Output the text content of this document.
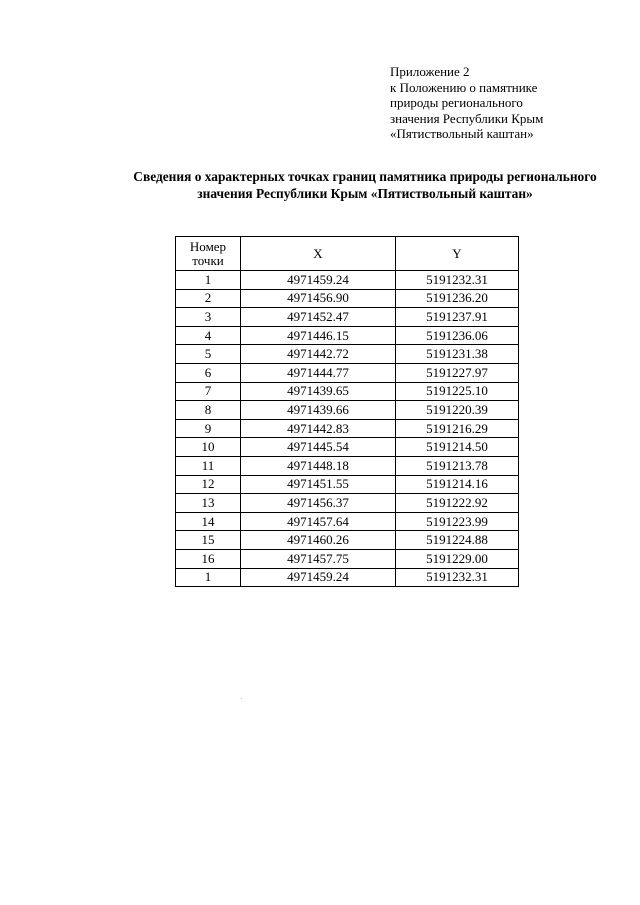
Приложение 2
к Положению о памятнике
природы регионального
значения Республики Крым
«Пятиствольный каштан»
Сведения о характерных точках границ памятника природы регионального
значения Республики Крым «Пятиствольный каштан»
Номер
точки	X	Y
1	4971459.24	5191232.31
2	4971456.90	5191236.20
3	4971452.47	5191237.91
4	4971446.15	5191236.06
5	4971442.72	5191231.38
6	4971444.77	5191227.97
7	4971439.65	5191225.10
8	4971439.66	5191220.39
9	4971442.83	5191216.29
10	4971445.54	5191214.50
11	4971448.18	5191213.78
12	4971451.55	5191214.16
13	4971456.37	5191222.92
14	4971457.64	5191223.99
15	4971460.26	5191224.88
16	4971457.75	5191229.00
1	4971459.24	5191232.31
